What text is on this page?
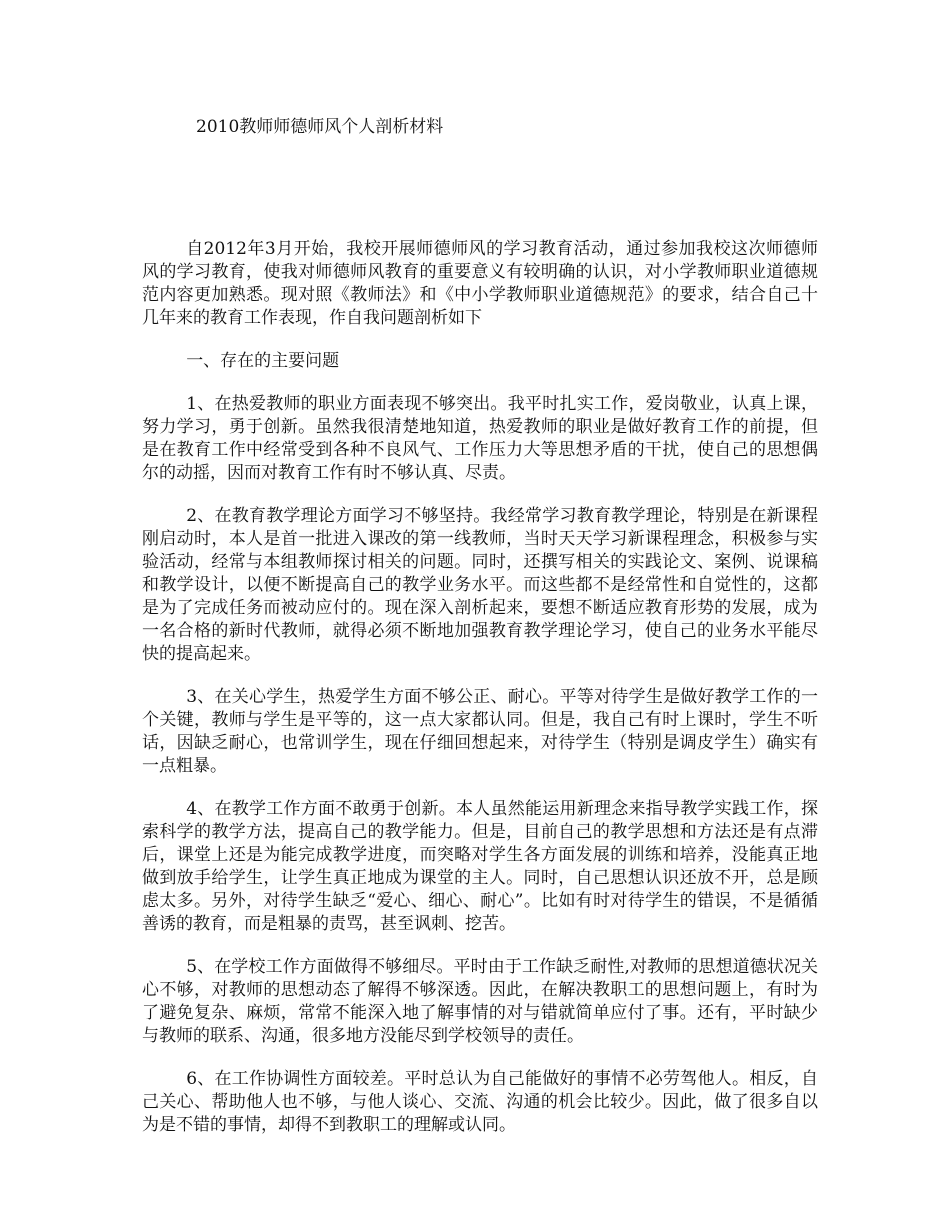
2010教师师德师风个人剖析材料

自2012年3月开始，我校开展师德师风的学习教育活动，通过参加我校这次师德师风的学习教育，使我对师德师风教育的重要意义有较明确的认识，对小学教师职业道德规范内容更加熟悉。现对照《教师法》和《中小学教师职业道德规范》的要求，结合自己十几年来的教育工作表现，作自我问题剖析如下

一、存在的主要问题

1、在热爱教师的职业方面表现不够突出。我平时扎实工作，爱岗敬业，认真上课，努力学习，勇于创新。虽然我很清楚地知道，热爱教师的职业是做好教育工作的前提，但是在教育工作中经常受到各种不良风气、工作压力大等思想矛盾的干扰，使自己的思想偶尔的动摇，因而对教育工作有时不够认真、尽责。

2、在教育教学理论方面学习不够坚持。我经常学习教育教学理论，特别是在新课程刚启动时，本人是首一批进入课改的第一线教师，当时天天学习新课程理念，积极参与实验活动，经常与本组教师探讨相关的问题。同时，还撰写相关的实践论文、案例、说课稿和教学设计，以便不断提高自己的教学业务水平。而这些都不是经常性和自觉性的，这都是为了完成任务而被动应付的。现在深入剖析起来，要想不断适应教育形势的发展，成为一名合格的新时代教师，就得必须不断地加强教育教学理论学习，使自己的业务水平能尽快的提高起来。

3、在关心学生，热爱学生方面不够公正、耐心。平等对待学生是做好教学工作的一个关键，教师与学生是平等的，这一点大家都认同。但是，我自己有时上课时，学生不听话，因缺乏耐心，也常训学生，现在仔细回想起来，对待学生（特别是调皮学生）确实有一点粗暴。

4、在教学工作方面不敢勇于创新。本人虽然能运用新理念来指导教学实践工作，探索科学的教学方法，提高自己的教学能力。但是，目前自己的教学思想和方法还是有点滞后，课堂上还是为能完成教学进度，而突略对学生各方面发展的训练和培养，没能真正地做到放手给学生，让学生真正地成为课堂的主人。同时，自己思想认识还放不开，总是顾虑太多。另外，对待学生缺乏“爱心、细心、耐心”。比如有时对待学生的错误，不是循循善诱的教育，而是粗暴的责骂，甚至讽刺、挖苦。

5、在学校工作方面做得不够细尽。平时由于工作缺乏耐性,对教师的思想道德状况关心不够，对教师的思想动态了解得不够深透。因此，在解决教职工的思想问题上，有时为了避免复杂、麻烦，常常不能深入地了解事情的对与错就简单应付了事。还有，平时缺少与教师的联系、沟通，很多地方没能尽到学校领导的责任。

6、在工作协调性方面较差。平时总认为自己能做好的事情不必劳驾他人。相反，自己关心、帮助他人也不够，与他人谈心、交流、沟通的机会比较少。因此，做了很多自以为是不错的事情，却得不到教职工的理解或认同。
